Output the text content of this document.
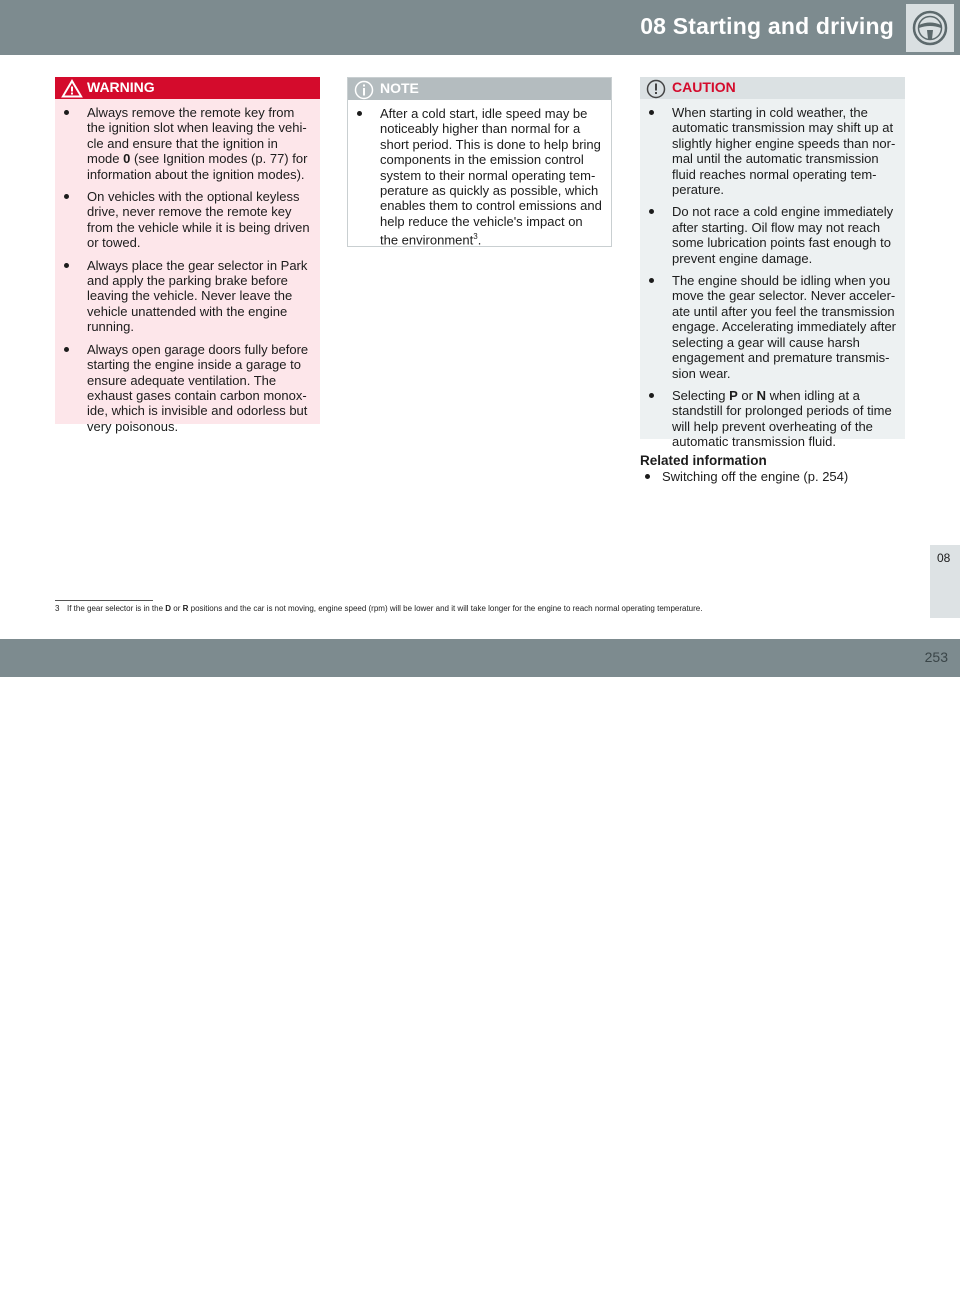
08 Starting and driving
WARNING
Always remove the remote key from the ignition slot when leaving the vehi-cle and ensure that the ignition in mode 0 (see Ignition modes (p. 77) for information about the ignition modes).
On vehicles with the optional keyless drive, never remove the remote key from the vehicle while it is being driven or towed.
Always place the gear selector in Park and apply the parking brake before leaving the vehicle. Never leave the vehicle unattended with the engine running.
Always open garage doors fully before starting the engine inside a garage to ensure adequate ventilation. The exhaust gases contain carbon monox-ide, which is invisible and odorless but very poisonous.
NOTE
After a cold start, idle speed may be noticeably higher than normal for a short period. This is done to help bring components in the emission control system to their normal operating tem-perature as quickly as possible, which enables them to control emissions and help reduce the vehicle's impact on the environment$^3$.
CAUTION
When starting in cold weather, the automatic transmission may shift up at slightly higher engine speeds than nor-mal until the automatic transmission fluid reaches normal operating tem-perature.
Do not race a cold engine immediately after starting. Oil flow may not reach some lubrication points fast enough to prevent engine damage.
The engine should be idling when you move the gear selector. Never acceler-ate until after you feel the transmission engage. Accelerating immediately after selecting a gear will cause harsh engagement and premature transmis-sion wear.
Selecting P or N when idling at a standstill for prolonged periods of time will help prevent overheating of the automatic transmission fluid.
Related information
Switching off the engine (p. 254)
08
3 If the gear selector is in the D or R positions and the car is not moving, engine speed (rpm) will be lower and it will take longer for the engine to reach normal operating temperature.
carmanualsonline.info
253
